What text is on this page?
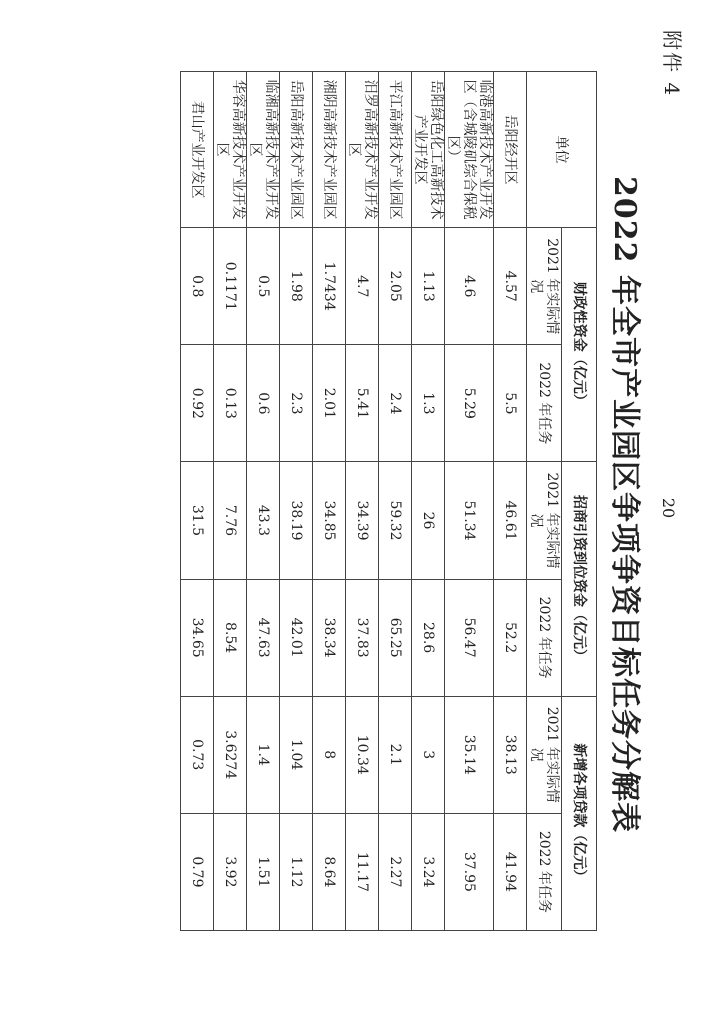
附件 4
2022 年全市产业园区争项争资目标任务分解表
单位	财政性资金（亿元）		招商引资到位资金（亿元）		新增各项贷款（亿元）	
	2021 年实际情况	2022 年任务	2021 年实际情况	2022 年任务	2021 年实际情况	2022 年任务
岳阳经开区	4.57	5.5	46.61	52.2	38.13	41.94
临港高新技术产业开发区（含城陵矶综合保税区）	4.6	5.29	51.34	56.47	35.14	37.95
岳阳绿色化工高新技术产业开发区	1.13	1.3	26	28.6	3	3.24
平江高新技术产业园区	2.05	2.4	59.32	65.25	2.1	2.27
汨罗高新技术产业开发区	4.7	5.41	34.39	37.83	10.34	11.17
湘阴高新技术产业园区	1.7434	2.01	34.85	38.34	8	8.64
岳阳高新技术产业园区	1.98	2.3	38.19	42.01	1.04	1.12
临湘高新技术产业开发区	0.5	0.6	43.3	47.63	1.4	1.51
华容高新技术产业开发区	0.1171	0.13	7.76	8.54	3.6274	3.92
君山产业开发区	0.8	0.92	31.5	34.65	0.73	0.79
20
